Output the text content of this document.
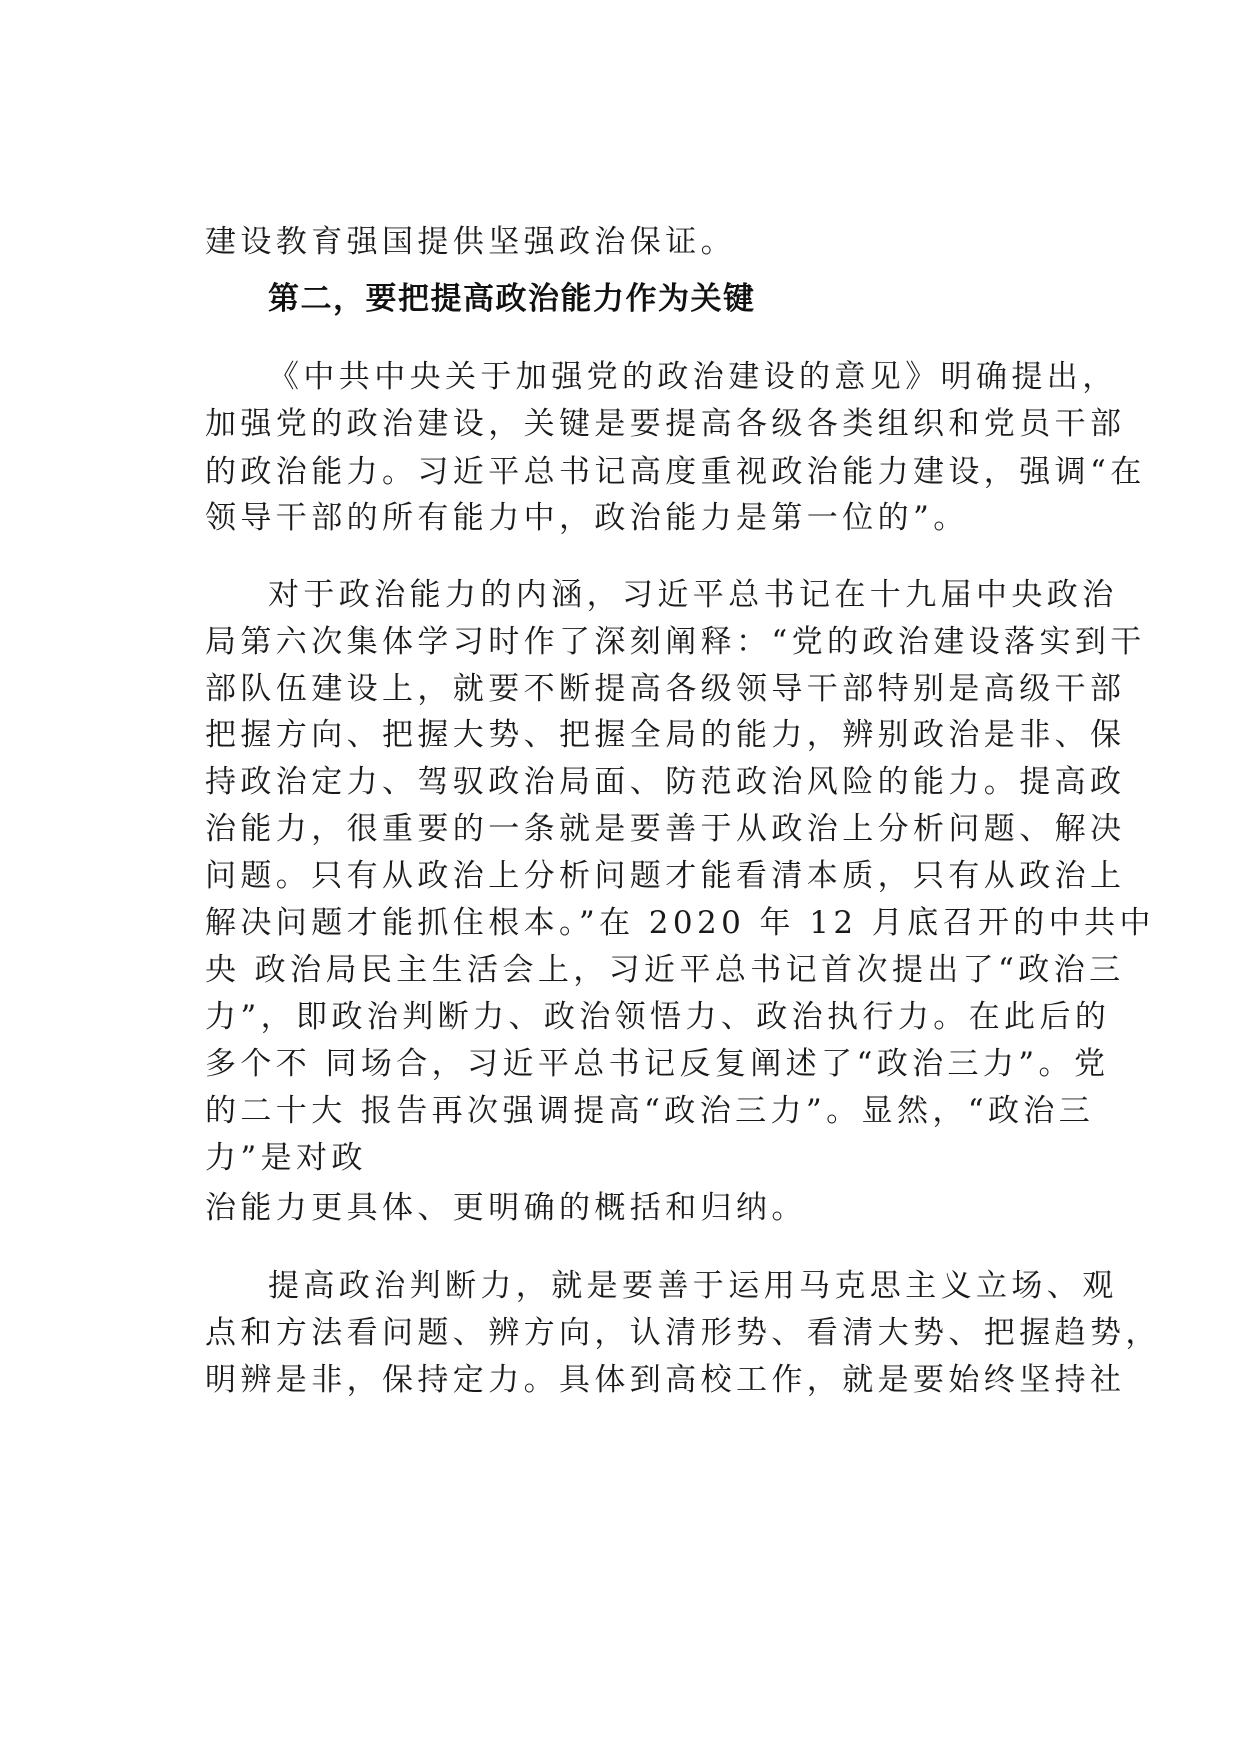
建设教育强国提供坚强政治保证。
第二，要把提高政治能力作为关键
《中共中央关于加强党的政治建设的意见》明确提出，
加强党的政治建设，关键是要提高各级各类组织和党员干部
的政治能力。习近平总书记高度重视政治能力建设，强调“在
领导干部的所有能力中，政治能力是第一位的”。
对于政治能力的内涵，习近平总书记在十九届中央政治
局第六次集体学习时作了深刻阐释：“党的政治建设落实到干
部队伍建设上，就要不断提高各级领导干部特别是高级干部
把握方向、把握大势、把握全局的能力，辨别政治是非、保
持政治定力、驾驭政治局面、防范政治风险的能力。提高政
治能力，很重要的一条就是要善于从政治上分析问题、解决
问题。只有从政治上分析问题才能看清本质，只有从政治上
解决问题才能抓住根本。”在 2020 年 12 月底召开的中共中
央 政治局民主生活会上，习近平总书记首次提出了“政治三
力”，即政治判断力、政治领悟力、政治执行力。在此后的
多个不 同场合，习近平总书记反复阐述了“政治三力”。党
的二十大 报告再次强调提高“政治三力”。显然，“政治三
力”是对政
治能力更具体、更明确的概括和归纳。
提高政治判断力，就是要善于运用马克思主义立场、观
点和方法看问题、辨方向，认清形势、看清大势、把握趋势，
明辨是非，保持定力。具体到高校工作，就是要始终坚持社
